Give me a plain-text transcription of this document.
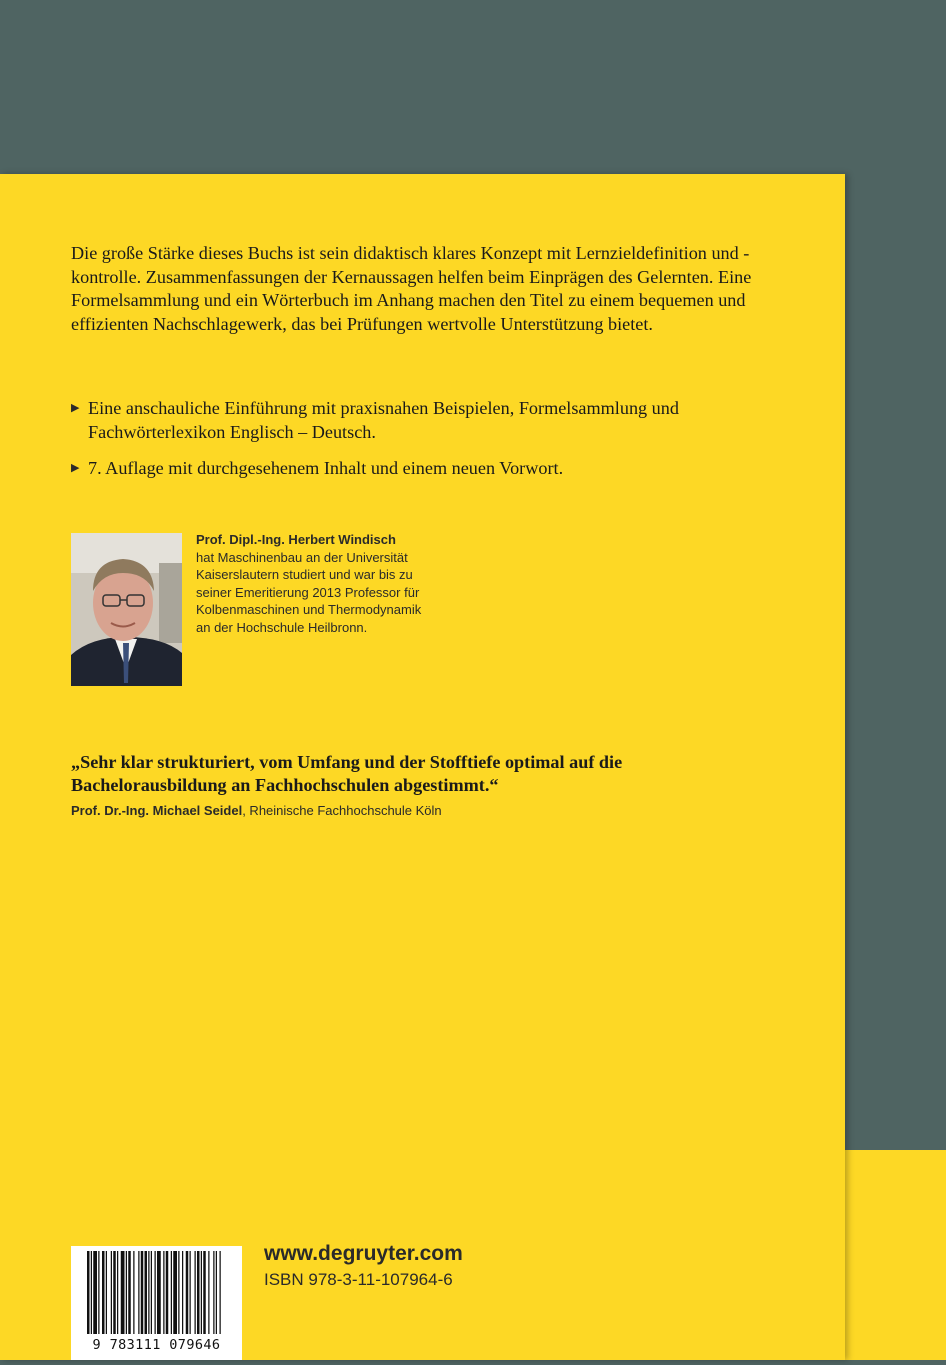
Die große Stärke dieses Buchs ist sein didaktisch klares Konzept mit Lernzieldefinition und -kontrolle. Zusammenfassungen der Kernaussagen helfen beim Einprägen des Gelernten. Eine Formelsammlung und ein Wörterbuch im Anhang machen den Titel zu einem bequemen und effizienten Nachschlagewerk, das bei Prüfungen wertvolle Unterstützung bietet.

▶ Eine anschauliche Einführung mit praxisnahen Beispielen, Formelsammlung und Fachwörterlexikon Englisch – Deutsch.
▶ 7. Auflage mit durchgesehenem Inhalt und einem neuen Vorwort.
Prof. Dipl.-Ing. Herbert Windisch
hat Maschinenbau an der Universität Kaiserslautern studiert und war bis zu seiner Emeritierung 2013 Professor für Kolbenmaschinen und Thermodynamik an der Hochschule Heilbronn.

„Sehr klar strukturiert, vom Umfang und der Stofftiefe optimal auf die Bachelorausbildung an Fachhochschulen abgestimmt.“

Prof. Dr.-Ing. Michael Seidel, Rheinische Fachhochschule Köln
9 783111 079646
www.degruyter.com
ISBN 978-3-11-107964-6
